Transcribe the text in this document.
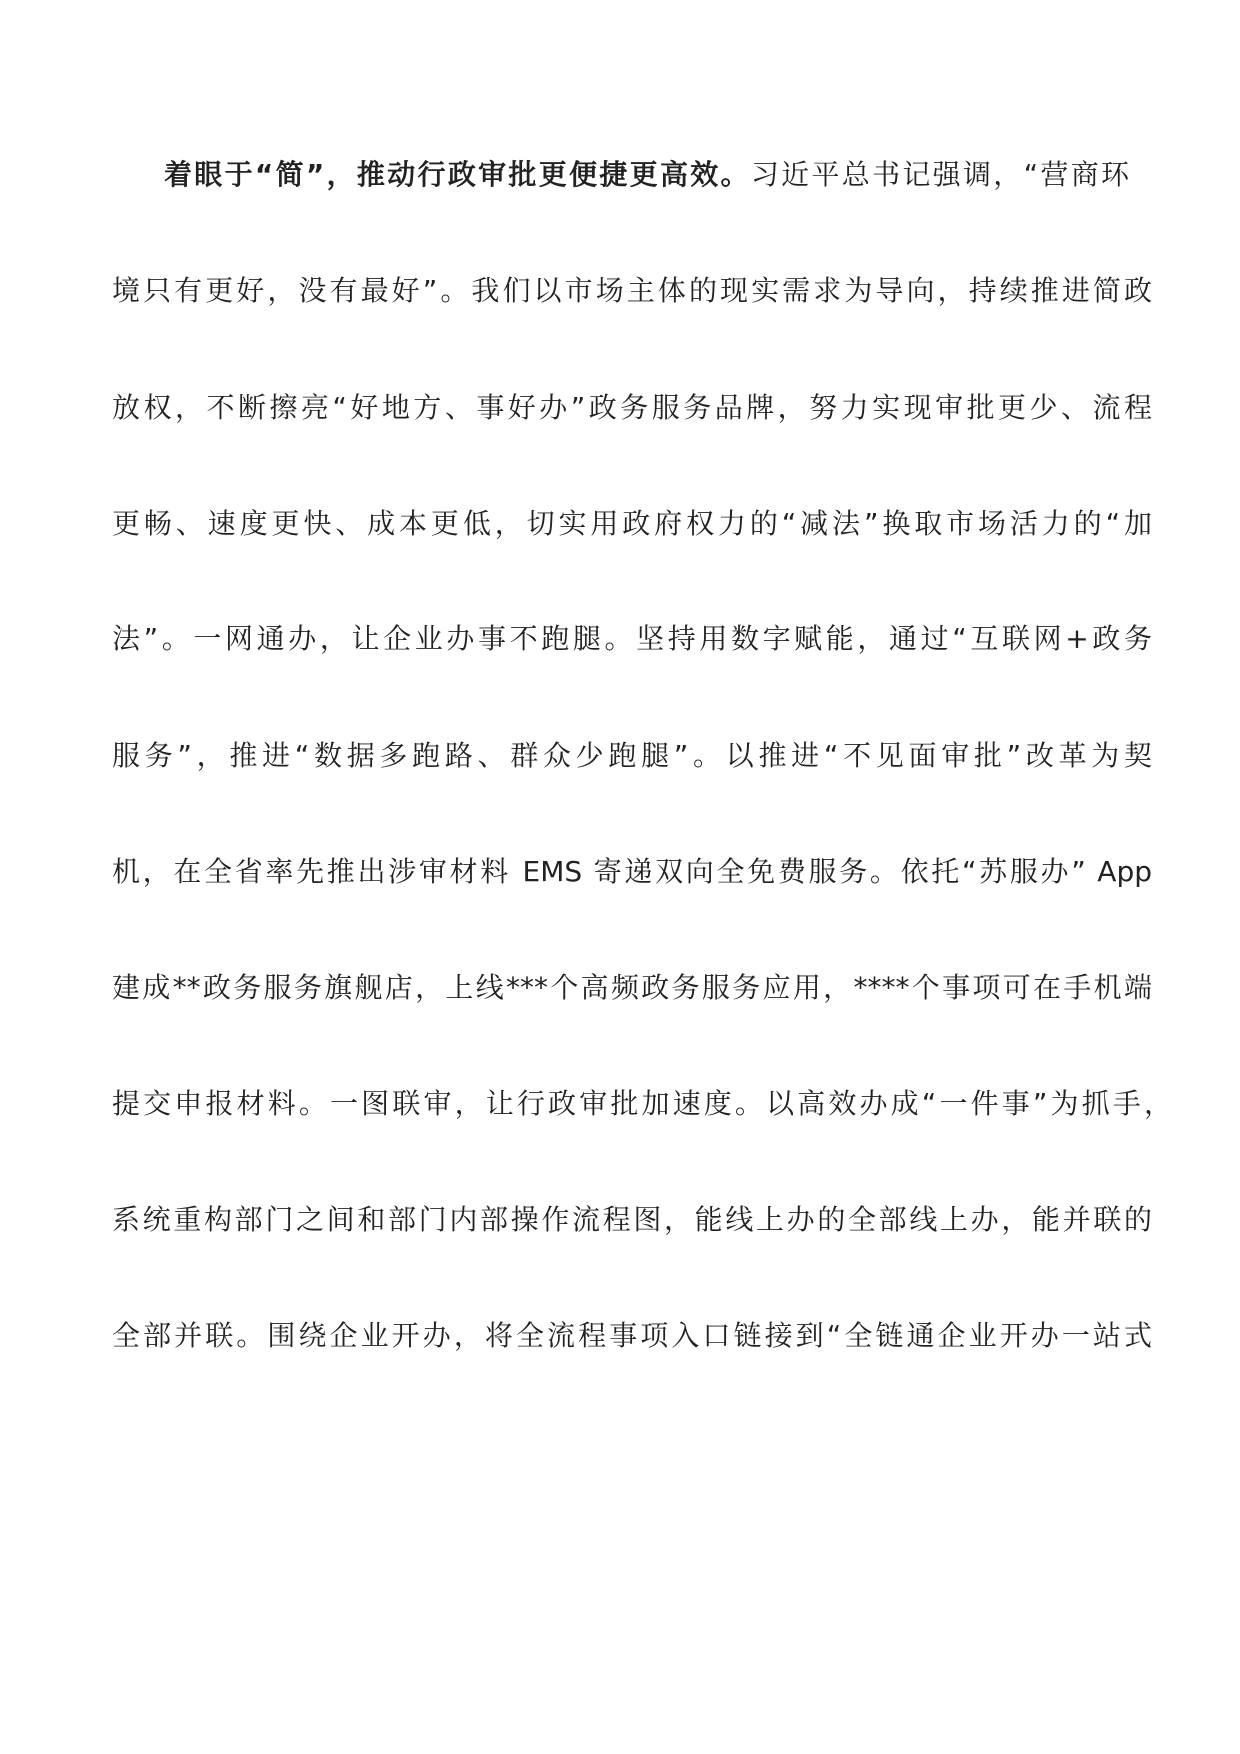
着眼于“简”，推动行政审批更便捷更高效。习近平总书记强调，“营商环
境只有更好，没有最好”。我们以市场主体的现实需求为导向，持续推进简政
放权，不断擦亮“好地方、事好办”政务服务品牌，努力实现审批更少、流程
更畅、速度更快、成本更低，切实用政府权力的“减法”换取市场活力的“加
法”。一网通办，让企业办事不跑腿。坚持用数字赋能，通过“互联网+政务
服务”，推进“数据多跑路、群众少跑腿”。以推进“不见面审批”改革为契
机，在全省率先推出涉审材料 EMS 寄递双向全免费服务。依托“苏服办” App
建成**政务服务旗舰店，上线***个高频政务服务应用，****个事项可在手机端
提交申报材料。一图联审，让行政审批加速度。以高效办成“一件事”为抓手，
系统重构部门之间和部门内部操作流程图，能线上办的全部线上办，能并联的
全部并联。围绕企业开办，将全流程事项入口链接到“全链通企业开办一站式
